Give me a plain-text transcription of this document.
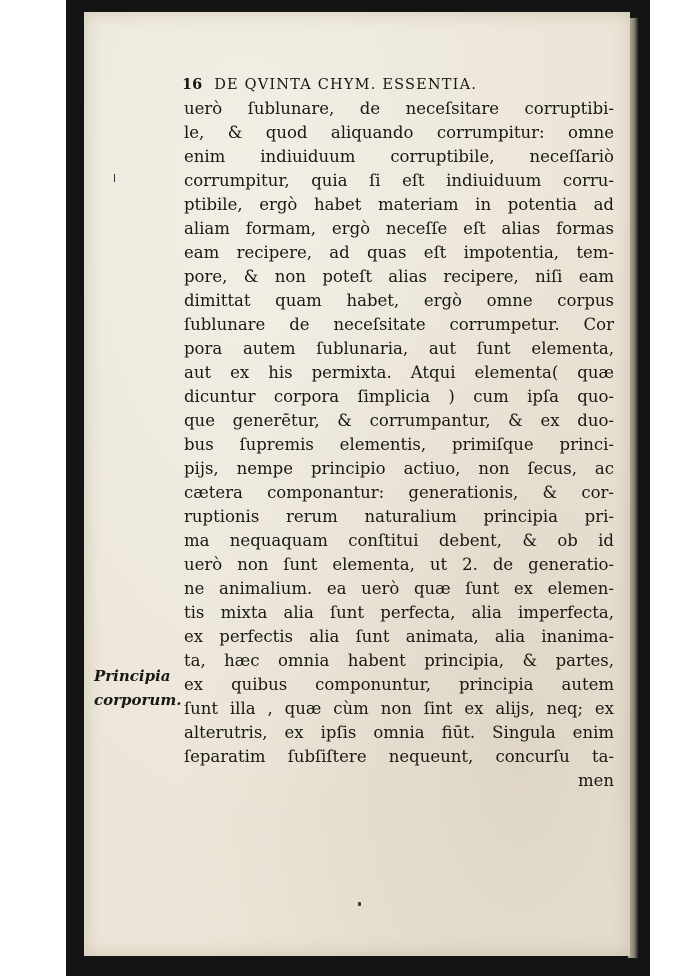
16 DE QVINTA CHYM. ESSENTIA.
Principia
corporum.
uerò ſublunare, de neceſsitare corruptibi-
le, & quod aliquando corrumpitur: omne
enim indiuiduum corruptibile, neceſſariò
corrumpitur, quia ſi eſt indiuiduum corru-
ptibile, ergò habet materiam in potentia ad
aliam formam, ergò neceſſe eſt alias formas
eam recipere, ad quas eſt impotentia, tem-
pore, & non poteſt alias recipere, niſi eam
dimittat quam habet, ergò omne corpus
ſublunare de neceſsitate corrumpetur. Cor
pora autem ſublunaria, aut ſunt elementa,
aut ex his permixta. Atqui elementa( quæ
dicuntur corpora ſimplicia ) cum ipſa quo-
que generētur, & corrumpantur, & ex duo-
bus ſupremis elementis, primiſque princi-
pijs, nempe principio actiuo, non ſecus, ac
cætera componantur: generationis, & cor-
ruptionis rerum naturalium principia pri-
ma nequaquam conſtitui debent, & ob id
uerò non ſunt elementa, ut 2. de generatio-
ne animalium. ea uerò quæ ſunt ex elemen-
tis mixta alia ſunt perfecta, alia imperfecta,
ex perfectis alia ſunt animata, alia inanima-
ta, hæc omnia habent principia, & partes,
ex quibus componuntur, principia autem
ſunt illa , quæ cùm non ſint ex alijs, neq; ex
alterutris, ex ipſis omnia fiūt. Singula enim
ſeparatim ſubſiſtere nequeunt, concurſu ta-
men
